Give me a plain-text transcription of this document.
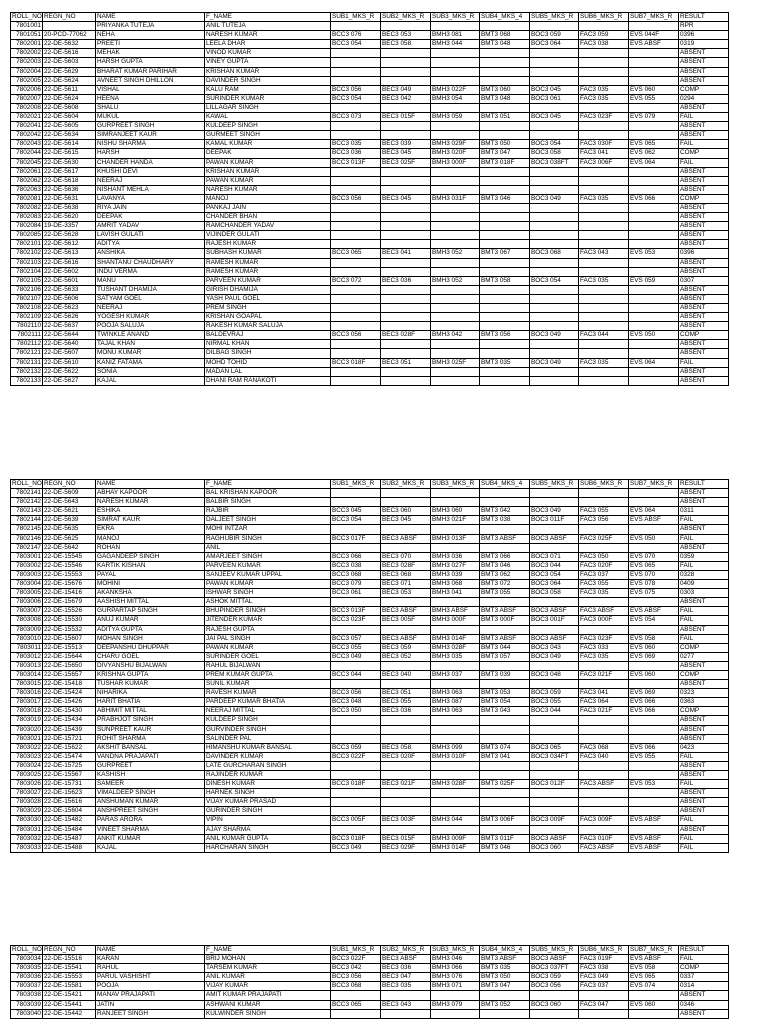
ROLL_NO	REGN_NO	NAME	F_NAME	SUB1_MKS_R	SUB2_MKS_R	SUB3_MKS_R	SUB4_MKS_4	SUB5_MKS_R	SUB6_MKS_R	SUB7_MKS_R	RESULT
7801001		PRIYANKA TUTEJA	ANIL TUTEJA								RPR
7801051	20-PCD-77062	NEHA	NARESH KUMAR	BCC3 076	BEC3 053	BMH3 081	BMT3 068	BOC3 059	FAC3 059	EVS 044F	0396
7802001	22-DE-5632	PREETI	LEELA DHAR	BCC3 054	BEC3 058	BMH3 044	BMT3 048	BOC3 064	FAC3 038	EVS ABSF	0319
7802002	22-DE-5616	MEHAK	VINOD KUMAR								ABSENT
7802003	22-DE-5603	HARSH GUPTA	VINEY GUPTA								ABSENT
7802004	22-DE-5629	BHARAT KUMAR PARIHAR	KRISHAN KUMAR								ABSENT
7802005	22-DE-5624	AVNEET SINGH DHILLON	DAVINDER SINGH								ABSENT
7802006	22-DE-5611	VISHAL	KALU RAM	BCC3 056	BEC3 049	BMH3 022F	BMT3 060	BOC3 045	FAC3 035	EVS 060	COMP
7802007	22-DE-5624	HEENA	SURINDER KUMAR	BCC3 054	BEC3 042	BMH3 054	BMT3 048	BOC3 061	FAC3 035	EVS 055	0294
7802008	22-DE-5608	SHALU	LILLAGAR SINGH								ABSENT
7802021	22-DE-5604	MUKUL	KAWAL	BCC3 073	BEC3 015F	BMH3 059	BMT3 051	BOC3 045	FAC3 023F	EVS 079	FAIL
7802041	22-DE-5605	GURPREET SINGH	KULDEEP SINGH								ABSENT
7802042	22-DE-5634	SIMRANJEET KAUR	GURMEET SINGH								ABSENT
7802043	22-DE-5614	NISHU SHARMA	KAMAL KUMAR	BCC3 035	BEC3 039	BMH3 029F	BMT3 050	BOC3 054	FAC3 030F	EVS 065	FAIL
7802044	22-DE-5615	HARSH	DEEPAK	BCC3 036	BEC3 045	BMH3 020F	BMT3 047	BOC3 058	FAC3 041	EVS 062	COMP
7802045	22-DE-5630	CHANDER HANDA	PAWAN KUMAR	BCC3 013F	BEC3 025F	BMH3 000F	BMT3 018F	BOC3 038FT	FAC3 006F	EVS 064	FAIL
7802061	22-DE-5617	KHUSHI DEVI	KRISHAN KUMAR								ABSENT
7802062	22-DE-5618	NEERAJ	PAWAN KUMAR								ABSENT
7802063	22-DE-5636	NISHANT MEHLA	NARESH KUMAR								ABSENT
7802081	22-DE-5631	LAVANYA	MANOJ	BCC3 056	BEC3 045	BMH3 031F	BMT3 046	BOC3 049	FAC3 035	EVS 066	COMP
7802082	22-DE-5638	RIYA JAIN	PANKAJ JAIN								ABSENT
7802083	22-DE-5620	DEEPAK	CHANDER BHAN								ABSENT
7802084	19-DE-3357	AMRIT YADAV	RAMCHANDER YADAV								ABSENT
7802085	22-DE-5628	LAVISH GULATI	VIJINDER GULATI								ABSENT
7802101	22-DE-5612	ADITYA	RAJESH KUMAR								ABSENT
7802102	22-DE-5613	ANSHIKA	SUBHASH KUMAR	BCC3 065	BEC3 041	BMH3 052	BMT3 067	BOC3 068	FAC3 043	EVS 053	0396
7802103	22-DE-5616	SHANTANU CHAUDHARY	RAMESH KUMAR								ABSENT
7802104	22-DE-5602	INDU VERMA	RAMESH KUMAR								ABSENT
7802105	22-DE-5601	MANU	PARVEEN KUMAR	BCC3 072	BEC3 036	BMH3 052	BMT3 058	BOC3 054	FAC3 035	EVS 059	0307
7802106	22-DE-5633	TUSHANT DHAMIJA	GIRISH DHAMIJA								ABSENT
7802107	22-DE-5606	SATYAM GOEL	YASH PAUL GOEL								ABSENT
7802108	22-DE-5623	NEERAJ	PREM SINGH								ABSENT
7802109	22-DE-5626	YOGESH KUMAR	KRISHAN GOAPAL								ABSENT
7802110	22-DE-5637	POOJA SALUJA	RAKESH KUMAR SALUJA								ABSENT
7802111	22-DE-5644	TWINKLE ANAND	BALDEVRAJ	BCC3 056	BEC3 028F	BMH3 042	BMT3 056	BOC3 049	FAC3 044	EVS 050	COMP
7802112	22-DE-5640	TAJAL KHAN	NIRMAL KHAN								ABSENT
7802121	22-DE-5607	MONU KUMAR	DILBAG SINGH								ABSENT
7802131	22-DE-5610	KANIZ FATAMA	MOHD TOHID	BCC3 018F	BEC3 051	BMH3 025F	BMT3 035	BOC3 049	FAC3 035	EVS 064	FAIL
7802132	22-DE-5622	SONIA	MADAN LAL								ABSENT
7802133	22-DE-5627	KAJAL	DHANI RAM RANAKOTI								ABSENT
ROLL_NO	REGN_NO	NAME	F_NAME	SUB1_MKS_R	SUB2_MKS_R	SUB3_MKS_R	SUB4_MKS_4	SUB5_MKS_R	SUB6_MKS_R	SUB7_MKS_R	RESULT
7802141	22-DE-5609	ABHAY KAPOOR	BAL KRISHAN KAPOOR								ABSENT
7802142	22-DE-5643	NARESH KUMAR	BALBIR SINGH								ABSENT
7802143	22-DE-5621	ESHIKA	RAJBIR	BCC3 045	BEC3 060	BMH3 060	BMT3 042	BOC3 049	FAC3 055	EVS 064	0311
7802144	22-DE-5639	SIMRAT KAUR	DALJEET SINGH	BCC3 054	BEC3 045	BMH3 021F	BMT3 038	BOC3 011F	FAC3 056	EVS ABSF	FAIL
7802145	22-DE-5635	EKRA	MOHI INTZAR								ABSENT
7802146	22-DE-5625	MANOJ	RAGHUBIR SINGH	BCC3 017F	BEC3 ABSF	BMH3 013F	BMT3 ABSF	BOC3 ABSF	FAC3 025F	EVS 050	FAIL
7802147	22-DE-5642	ROHAN	ANIL								ABSENT
7803001	22-DE-15545	GAGANDEEP SINGH	AMARJEET SINGH	BCC3 066	BEC3 070	BMH3 036	BMT3 066	BOC3 071	FAC3 050	EVS 070	0359
7803002	22-DE-15546	KARTIK KISHAN	PARVEEN KUMAR	BCC3 038	BEC3 028F	BMH3 027F	BMT3 046	BOC3 044	FAC3 020F	EVS 065	FAIL
7803003	22-DE-15553	PAYAL	SANJEEV KUMAR UPPAL	BCC3 068	BEC3 068	BMH3 039	BMT3 062	BOC3 054	FAC3 037	EVS 070	0328
7803004	22-DE-15676	MOHINI	PAWAN KUMAR	BCC3 079	BEC3 071	BMH3 068	BMT3 072	BOC3 064	FAC3 055	EVS 078	0409
7803005	22-DE-15416	AKANKSHA	ISHWAR SINGH	BCC3 061	BEC3 053	BMH3 041	BMT3 055	BOC3 058	FAC3 035	EVS 075	0303
7803006	22-DE-15679	AASHISH MITTAL	ASHOK MITTAL								ABSENT
7803007	22-DE-15526	GURPARTAP SINGH	BHUPINDER SINGH	BCC3 013F	BEC3 ABSF	BMH3 ABSF	BMT3 ABSF	BOC3 ABSF	FAC3 ABSF	EVS ABSF	FAIL
7803008	22-DE-15530	ANUJ KUMAR	JITENDER KUMAR	BCC3 023F	BEC3 005F	BMH3 000F	BMT3 000F	BOC3 001F	FAC3 000F	EVS 054	FAIL
7803009	22-DE-15532	ADITYA GUPTA	RAJESH GUPTA								ABSENT
7803010	22-DE-15607	MOHAN SINGH	JAI PAL SINGH	BCC3 057	BEC3 ABSF	BMH3 014F	BMT3 ABSF	BOC3 ABSF	FAC3 023F	EVS 058	FAIL
7803011	22-DE-15513	DEEPANSHU DHUPPAR	PAWAN KUMAR	BCC3 055	BEC3 059	BMH3 028F	BMT3 044	BOC3 043	FAC3 033	EVS 060	COMP
7803012	22-DE-15644	CHARU GOEL	SURINDER GOEL	BCC3 049	BEC3 052	BMH3 035	BMT3 057	BOC3 049	FAC3 035	EVS 069	0277
7803013	22-DE-15650	DIVYANSHU BIJALWAN	RAHUL BIJALWAN								ABSENT
7803014	22-DE-15657	KRISHNA GUPTA	PREM KUMAR GUPTA	BCC3 044	BEC3 040	BMH3 037	BMT3 039	BOC3 048	FAC3 021F	EVS 060	COMP
7803015	22-DE-15418	TUSHAR KUMAR	SUNIL KUMAR								ABSENT
7803016	22-DE-15424	NIHARIKA	RAVESH KUMAR	BCC3 056	BEC3 051	BMH3 063	BMT3 053	BOC3 059	FAC3 041	EVS 069	0323
7803017	22-DE-15426	HARIT BHATIA	PARDEEP KUMAR BHATIA	BCC3 048	BEC3 055	BMH3 087	BMT3 054	BOC3 055	FAC3 064	EVS 066	0363
7803018	22-DE-15430	ABHIMIT MITTAL	NEERAJ MITTAL	BCC3 050	BEC3 036	BMH3 063	BMT3 043	BOC3 044	FAC3 021F	EVS 066	COMP
7803019	22-DE-15434	PRABHJOT SINGH	KULDEEP SINGH								ABSENT
7803020	22-DE-15439	SUNPREET KAUR	GURVINDER SINGH								ABSENT
7803021	22-DE-15721	ROHIT SHARMA	SALINDER PAL								ABSENT
7803022	22-DE-15622	AKSHIT BANSAL	HIMANSHU KUMAR BANSAL	BCC3 059	BEC3 058	BMH3 099	BMT3 074	BOC3 065	FAC3 068	EVS 066	0423
7803023	22-DE-15474	VANDNA PRAJAPATI	DAVINDER KUMAR	BCC3 022F	BEC3 020F	BMH3 010F	BMT3 041	BOC3 034FT	FAC3 040	EVS 055	FAIL
7803024	22-DE-15725	GURPREET	LATE GURCHARAN SINGH								ABSENT
7803025	22-DE-15567	KASHISH	RAJINDER KUMAR								ABSENT
7803026	22-DE-15731	SAMEER	DINESH KUMAR	BCC3 018F	BEC3 021F	BMH3 028F	BMT3 025F	BOC3 012F	FAC3 ABSF	EVS 053	FAIL
7803027	22-DE-15623	VIMALDEEP SINGH	HARNEK SINGH								ABSENT
7803028	22-DE-15616	ANSHUMAN KUMAR	VIJAY KUMAR PRASAD								ABSENT
7803029	22-DE-15604	ANSHPREET SINGH	GURINDER SINGH								ABSENT
7803030	22-DE-15482	PARAS ARORA	VIPIN	BCC3 005F	BEC3 003F	BMH3 044	BMT3 006F	BOC3 009F	FAC3 009F	EVS ABSF	FAIL
7803031	22-DE-15484	VINEET SHARMA	AJAY SHARMA								ABSENT
7803032	22-DE-15487	ANKIT KUMAR	ANIL KUMAR GUPTA	BCC3 018F	BEC3 015F	BMH3 009F	BMT3 011F	BOC3 ABSF	FAC3 010F	EVS ABSF	FAIL
7803033	22-DE-15488	KAJAL	HARCHARAN SINGH	BCC3 049	BEC3 029F	BMH3 014F	BMT3 046	BOC3 060	FAC3 ABSF	EVS ABSF	FAIL
ROLL_NO	REGN_NO	NAME	F_NAME	SUB1_MKS_R	SUB2_MKS_R	SUB3_MKS_R	SUB4_MKS_4	SUB5_MKS_R	SUB6_MKS_R	SUB7_MKS_R	RESULT
7803034	22-DE-15516	KARAN	BRIJ MOHAN	BCC3 022F	BEC3 ABSF	BMH3 046	BMT3 ABSF	BOC3 ABSF	FAC3 019F	EVS ABSF	FAIL
7803035	22-DE-15541	RAHUL	TARSEM KUMAR	BCC3 042	BEC3 036	BMH3 066	BMT3 035	BOC3 037FT	FAC3 038	EVS 058	COMP
7803036	22-DE-15553	PARUL VASHISHT	ANIL KUMAR	BCC3 056	BEC3 047	BMH3 076	BMT3 050	BOC3 059	FAC3 049	EVS 065	0337
7803037	22-DE-15581	POOJA	VIJAY KUMAR	BCC3 068	BEC3 035	BMH3 071	BMT3 047	BOC3 056	FAC3 037	EVS 074	0314
7803038	22-DE-15421	MANAV PRAJAPATI	AMIT KUMAR PRAJAPATI								ABSENT
7803039	22-DE-15441	JATIN	ASHWANI KUMAR	BCC3 065	BEC3 043	BMH3 079	BMT3 052	BOC3 060	FAC3 047	EVS 060	0346
7803040	22-DE-15442	RANJEET SINGH	KULWINDER SINGH								ABSENT
